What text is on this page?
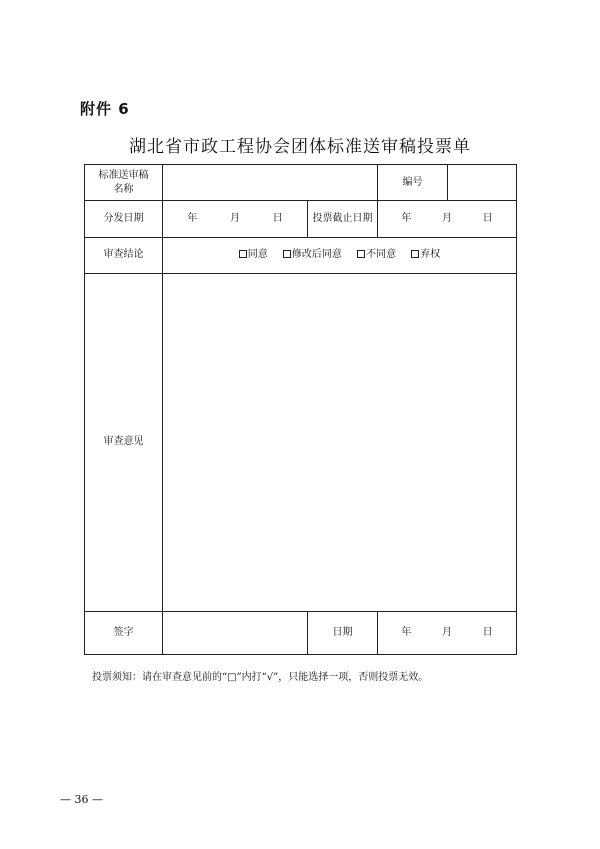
附件 6
湖北省市政工程协会团体标准送审稿投票单
标准送审稿
名称			编号	
分发日期	年 月 日	投票截止日期	年 月 日	

审查结论	同意 修改后同意 不同意 弃权			
审查意见				
签字		日期	年 月 日	
投票须知：请在审查意见前的“□”内打“√”，只能选择一项，否则投票无效。
— 36 —
